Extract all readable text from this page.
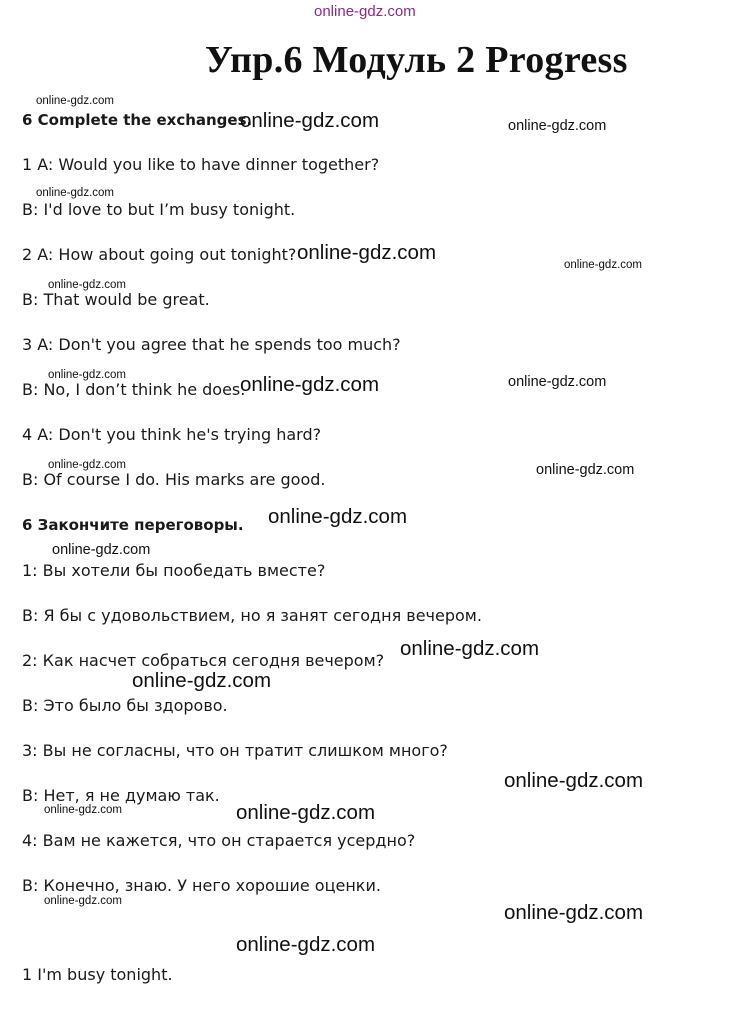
online-gdz.com
Упр.6 Модуль 2 Progress
6 Complete the exchanges.
1 A: Would you like to have dinner together?
B: I'd love to but I’m busy tonight.
2 A: How about going out tonight?
B: That would be great.
3 A: Don't you agree that he spends too much?
B: No, I don’t think he does.
4 A: Don't you think he's trying hard?
B: Of course I do. His marks are good.
6 Закончите переговоры.
1: Вы хотели бы пообедать вместе?
B: Я бы с удовольствием, но я занят сегодня вечером.
2: Как насчет собраться сегодня вечером?
B: Это было бы здорово.
3: Вы не согласны, что он тратит слишком много?
B: Нет, я не думаю так.
4: Вам не кажется, что он старается усердно?
B: Конечно, знаю. У него хорошие оценки.
1 I'm busy tonight.
online-gdz.com
online-gdz.com	online-gdz.com
online-gdz.com
online-gdz.com
online-gdz.com
online-gdz.com
online-gdz.com	online-gdz.com	online-gdz.com
online-gdz.com	online-gdz.com
online-gdz.com
online-gdz.com
online-gdz.com
online-gdz.com
online-gdz.com
online-gdz.com	online-gdz.com
online-gdz.com	online-gdz.com
online-gdz.com
